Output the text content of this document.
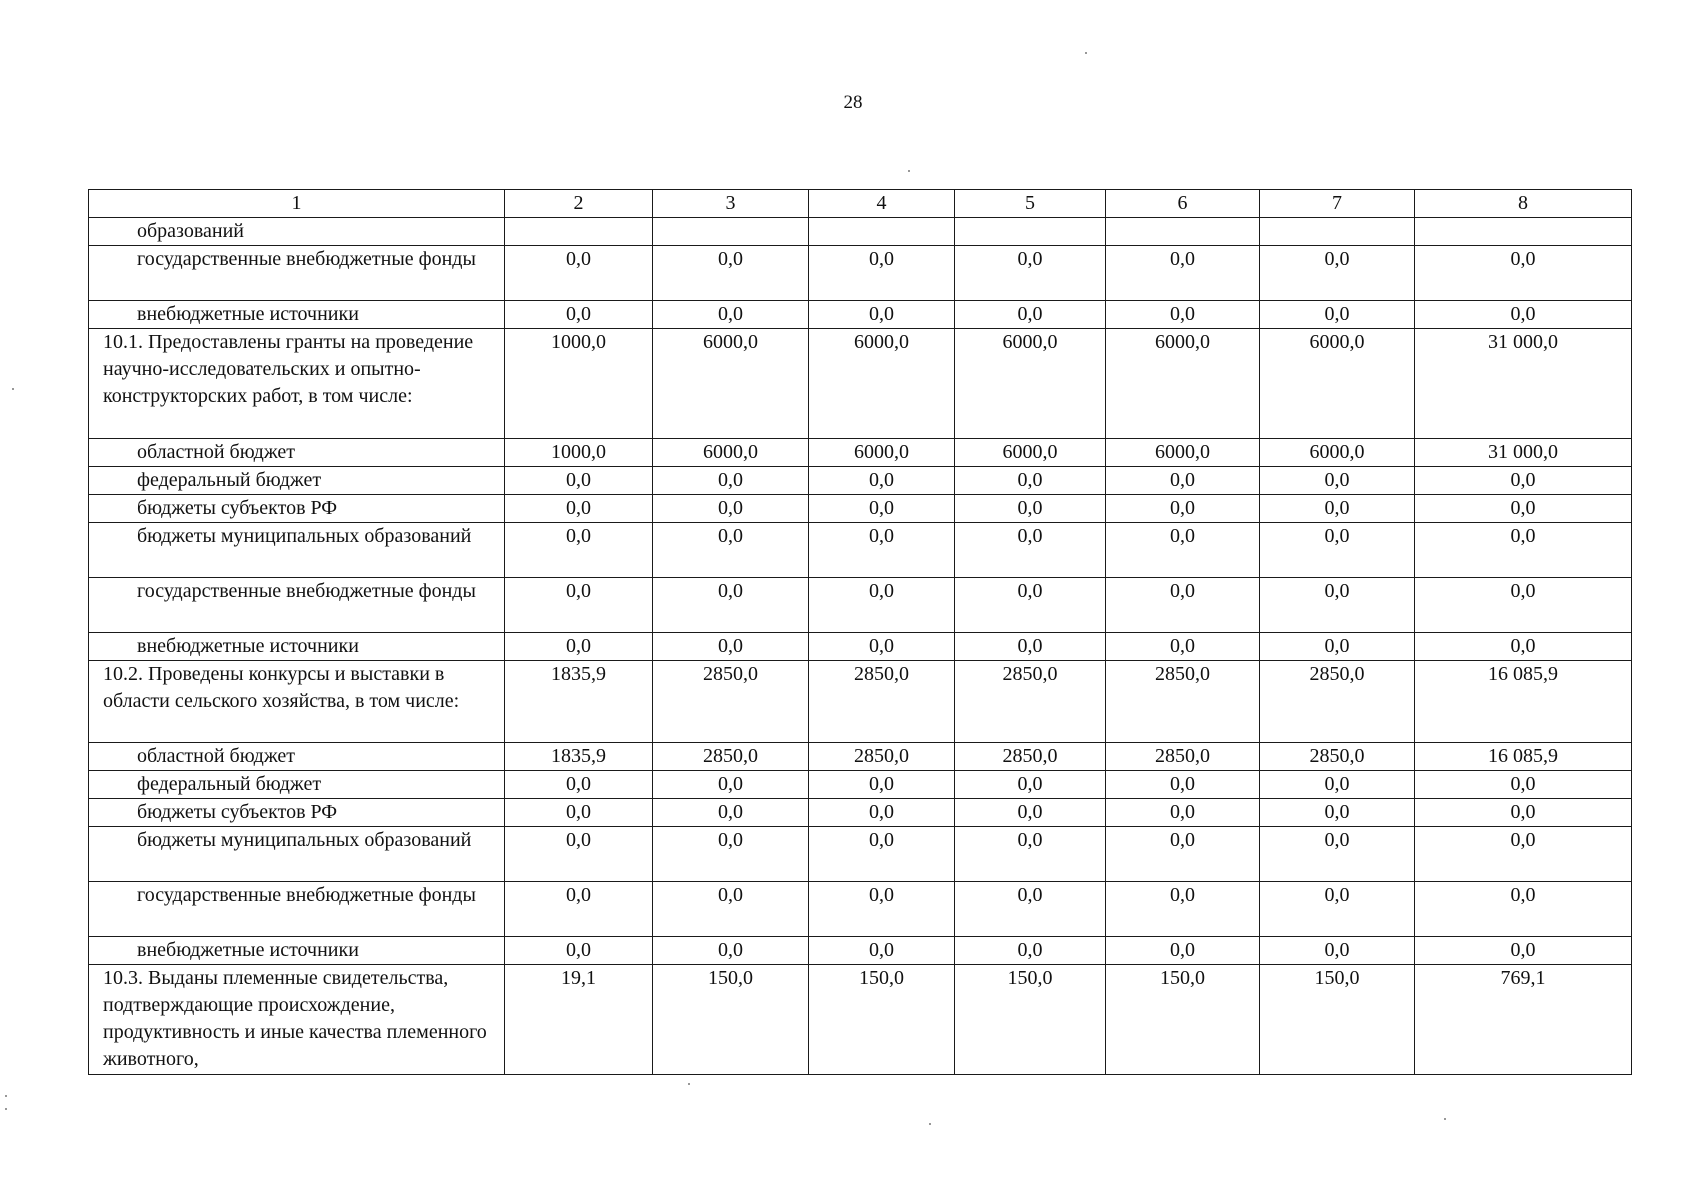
28
1	2	3	4	5	6	7	8
образований							
государственные внебюджетные фонды	0,0	0,0	0,0	0,0	0,0	0,0	0,0
внебюджетные источники	0,0	0,0	0,0	0,0	0,0	0,0	0,0
10.1. Предоставлены гранты на проведение научно-исследовательских и опытно-конструкторских работ, в том числе:	1000,0	6000,0	6000,0	6000,0	6000,0	6000,0	31 000,0
областной бюджет	1000,0	6000,0	6000,0	6000,0	6000,0	6000,0	31 000,0
федеральный бюджет	0,0	0,0	0,0	0,0	0,0	0,0	0,0
бюджеты субъектов РФ	0,0	0,0	0,0	0,0	0,0	0,0	0,0
бюджеты муниципальных образований	0,0	0,0	0,0	0,0	0,0	0,0	0,0
государственные внебюджетные фонды	0,0	0,0	0,0	0,0	0,0	0,0	0,0
внебюджетные источники	0,0	0,0	0,0	0,0	0,0	0,0	0,0
10.2. Проведены конкурсы и выставки в области сельского хозяйства, в том числе:	1835,9	2850,0	2850,0	2850,0	2850,0	2850,0	16 085,9
областной бюджет	1835,9	2850,0	2850,0	2850,0	2850,0	2850,0	16 085,9
федеральный бюджет	0,0	0,0	0,0	0,0	0,0	0,0	0,0
бюджеты субъектов РФ	0,0	0,0	0,0	0,0	0,0	0,0	0,0
бюджеты муниципальных образований	0,0	0,0	0,0	0,0	0,0	0,0	0,0
государственные внебюджетные фонды	0,0	0,0	0,0	0,0	0,0	0,0	0,0
внебюджетные источники	0,0	0,0	0,0	0,0	0,0	0,0	0,0
10.3. Выданы племенные свидетельства, подтверждающие происхождение, продуктивность и иные качества племенного животного,	19,1	150,0	150,0	150,0	150,0	150,0	769,1
